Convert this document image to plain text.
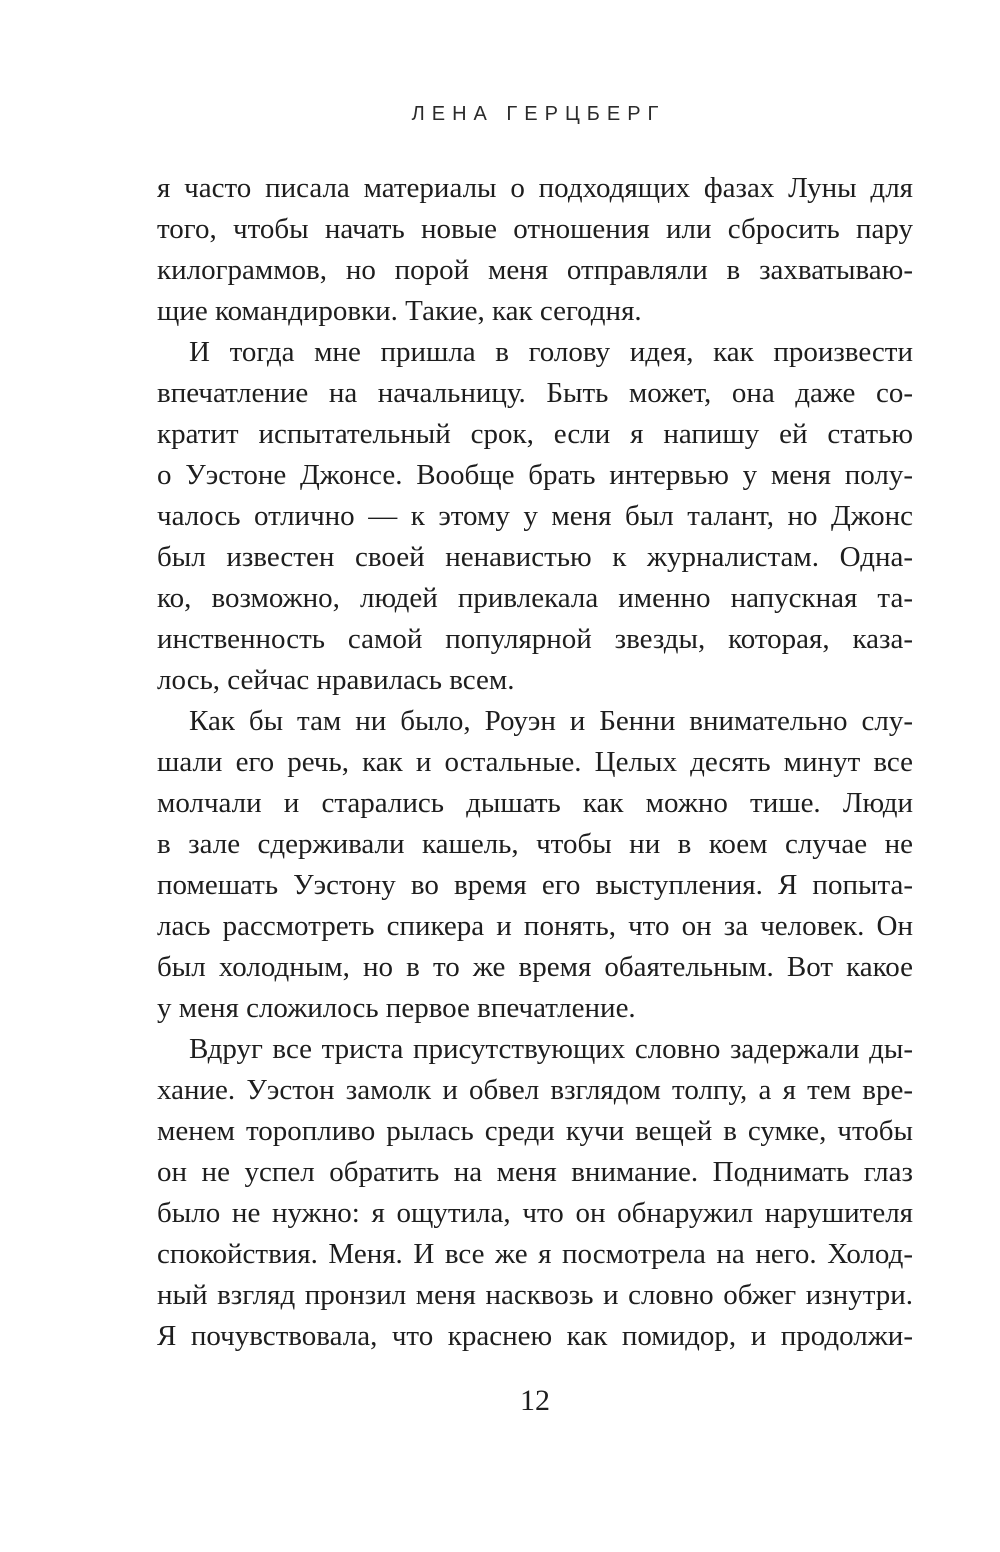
ЛЕНА ГЕРЦБЕРГ
я часто писала материалы о подходящих фазах Луны для
того, чтобы начать новые отношения или сбросить пару
килограммов, но порой меня отправляли в захватываю-
щие командировки. Такие, как сегодня.
И тогда мне пришла в голову идея, как произвести
впечатление на начальницу. Быть может, она даже со-
кратит испытательный срок, если я напишу ей статью
о Уэстоне Джонсе. Вообще брать интервью у меня полу-
чалось отлично — к этому у меня был талант, но Джонс
был известен своей ненавистью к журналистам. Одна-
ко, возможно, людей привлекала именно напускная та-
инственность самой популярной звезды, которая, каза-
лось, сейчас нравилась всем.
Как бы там ни было, Роуэн и Бенни внимательно слу-
шали его речь, как и остальные. Целых десять минут все
молчали и старались дышать как можно тише. Люди
в зале сдерживали кашель, чтобы ни в коем случае не
помешать Уэстону во время его выступления. Я попыта-
лась рассмотреть спикера и понять, что он за человек. Он
был холодным, но в то же время обаятельным. Вот какое
у меня сложилось первое впечатление.
Вдруг все триста присутствующих словно задержали ды-
хание. Уэстон замолк и обвел взглядом толпу, а я тем вре-
менем торопливо рылась среди кучи вещей в сумке, чтобы
он не успел обратить на меня внимание. Поднимать глаз
было не нужно: я ощутила, что он обнаружил нарушителя
спокойствия. Меня. И все же я посмотрела на него. Холод-
ный взгляд пронзил меня насквозь и словно обжег изнутри.
Я почувствовала, что краснею как помидор, и продолжи-
12
